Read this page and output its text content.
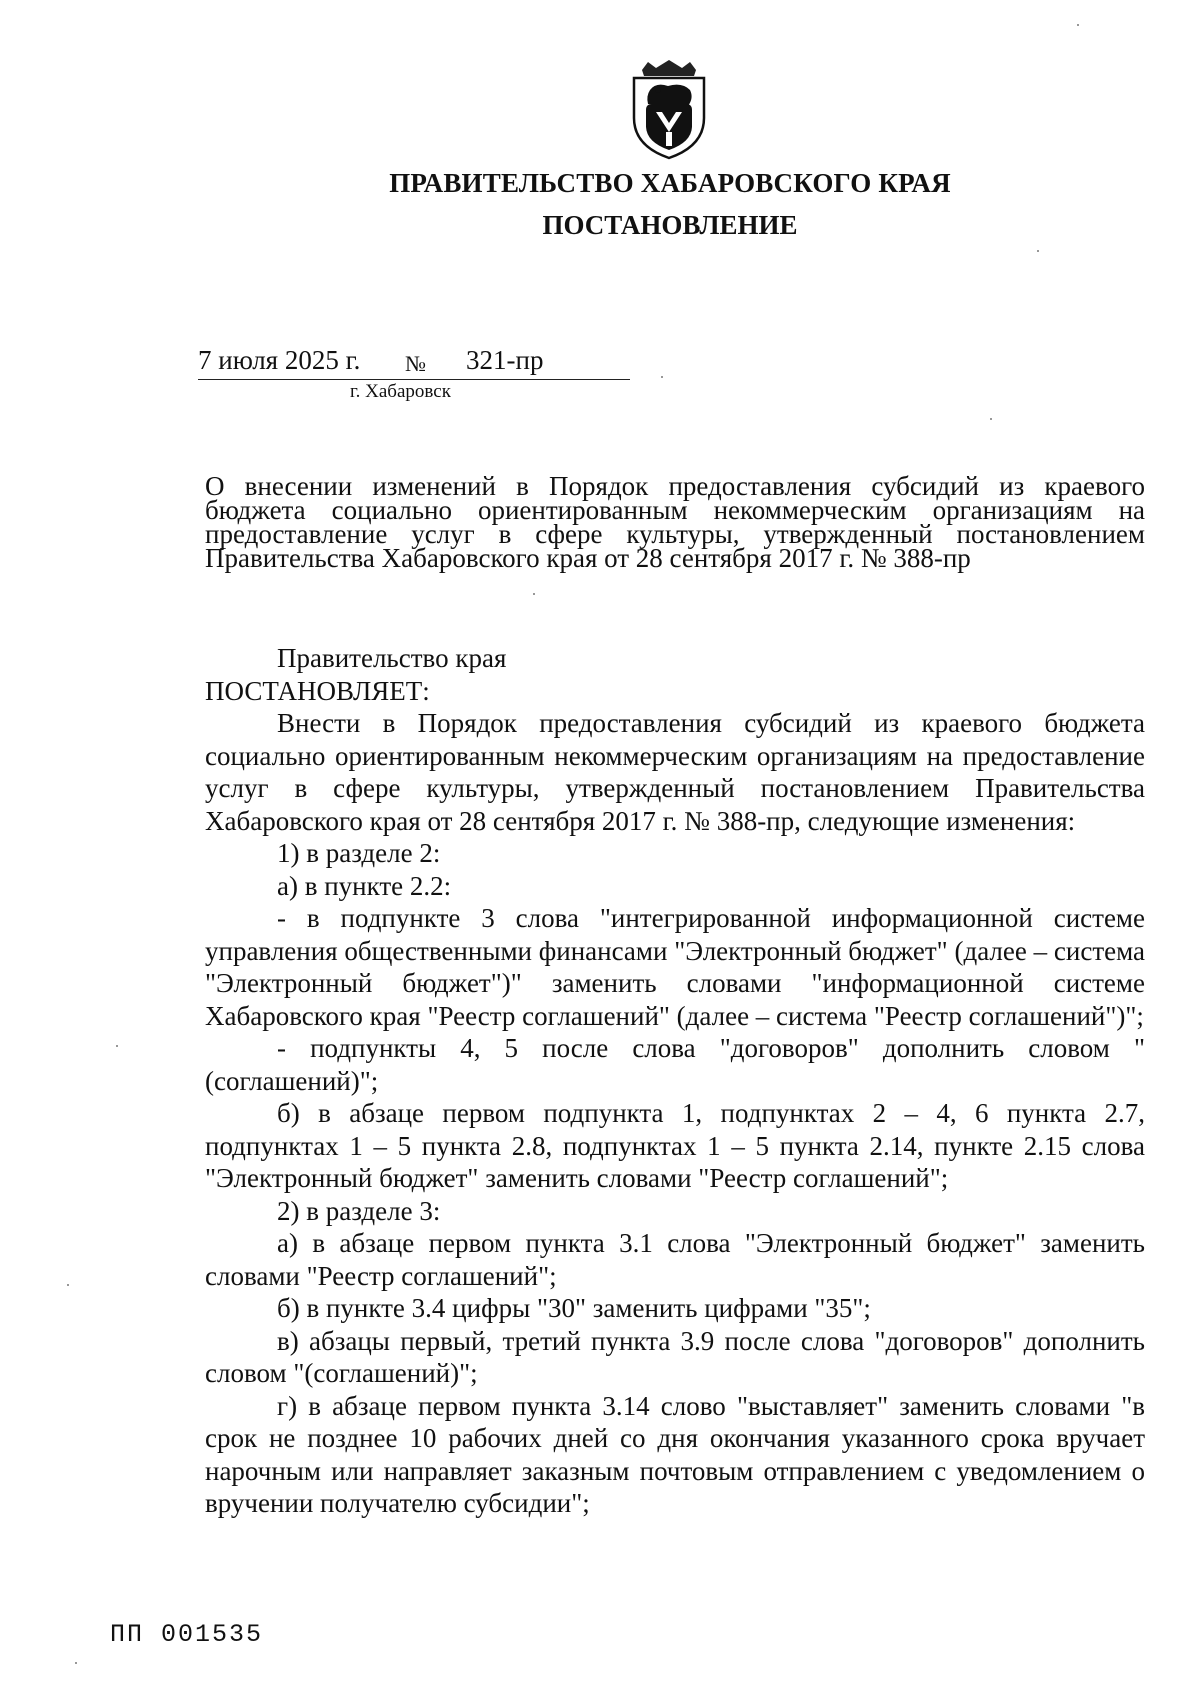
ПРАВИТЕЛЬСТВО ХАБАРОВСКОГО КРАЯ
ПОСТАНОВЛЕНИЕ
7 июля 2025 г. № 321-пр
г. Хабаровск
О внесении изменений в Порядок предоставления субсидий из краевого бюджета социально ориентированным некоммерческим организациям на предоставление услуг в сфере культуры, утвержденный постановлением Правительства Хабаровского края от 28 сентября 2017 г. № 388-пр

Правительство края

ПОСТАНОВЛЯЕТ:

Внести в Порядок предоставления субсидий из краевого бюджета социально ориентированным некоммерческим организациям на предоставление услуг в сфере культуры, утвержденный постановлением Правительства Хабаровского края от 28 сентября 2017 г. № 388-пр, следующие изменения:

1) в разделе 2:

а) в пункте 2.2:

- в подпункте 3 слова "интегрированной информационной системе управления общественными финансами "Электронный бюджет" (далее – система "Электронный бюджет")" заменить словами "информационной системе Хабаровского края "Реестр соглашений" (далее – система "Реестр соглашений")";

- подпункты 4, 5 после слова "договоров" дополнить словом "(соглашений)";

б) в абзаце первом подпункта 1, подпунктах 2 – 4, 6 пункта 2.7, подпунктах 1 – 5 пункта 2.8, подпунктах 1 – 5 пункта 2.14, пункте 2.15 слова "Электронный бюджет" заменить словами "Реестр соглашений";

2) в разделе 3:

а) в абзаце первом пункта 3.1 слова "Электронный бюджет" заменить словами "Реестр соглашений";

б) в пункте 3.4 цифры "30" заменить цифрами "35";

в) абзацы первый, третий пункта 3.9 после слова "договоров" дополнить словом "(соглашений)";

г) в абзаце первом пункта 3.14 слово "выставляет" заменить словами "в срок не позднее 10 рабочих дней со дня окончания указанного срока вручает нарочным или направляет заказным почтовым отправлением с уведомлением о вручении получателю субсидии";

ПП 001535
